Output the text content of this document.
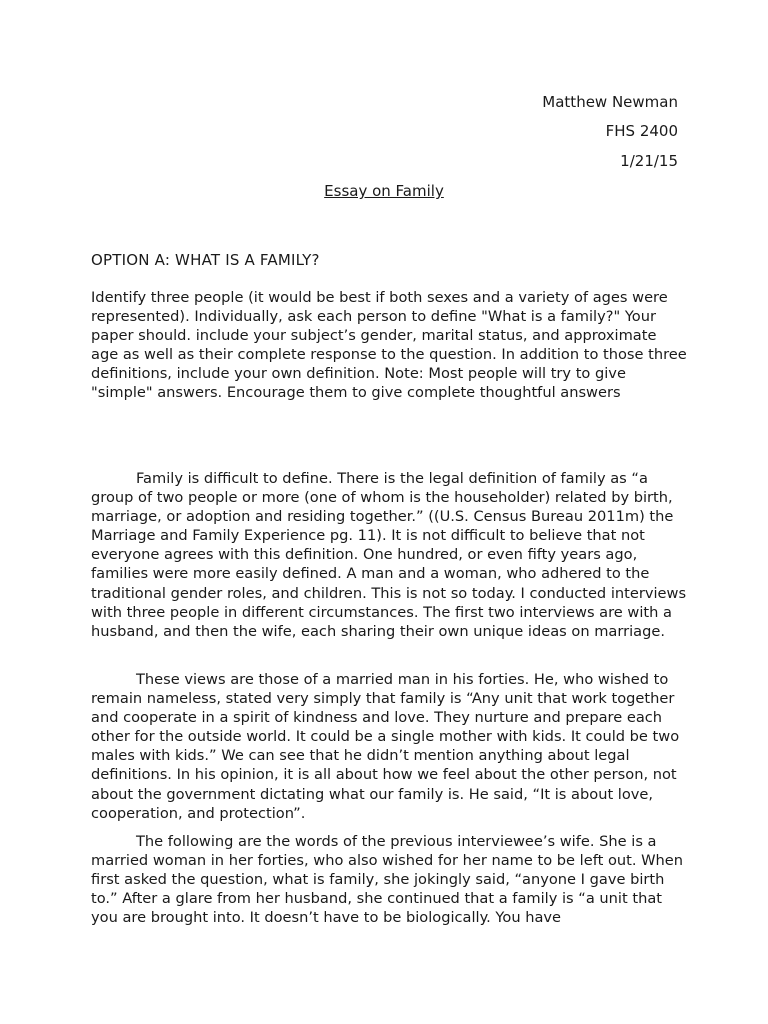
Matthew Newman
FHS 2400
1/21/15
Essay on Family
OPTION A: WHAT IS A FAMILY?

Identify three people (it would be best if both sexes and a variety of ages were represented). Individually, ask each person to define "What is a family?" Your paper should. include your subject’s gender, marital status, and approximate age as well as their complete response to the question. In addition to those three definitions, include your own definition. Note: Most people will try to give "simple" answers. Encourage them to give complete thoughtful answers

Family is difficult to define. There is the legal definition of family as “a group of two people or more (one of whom is the householder) related by birth, marriage, or adoption and residing together.” ((U.S. Census Bureau 2011m) the Marriage and Family Experience pg. 11). It is not difficult to believe that not everyone agrees with this definition. One hundred, or even fifty years ago, families were more easily defined. A man and a woman, who adhered to the traditional gender roles, and children. This is not so today. I conducted interviews with three people in different circumstances. The first two interviews are with a husband, and then the wife, each sharing their own unique ideas on marriage.

These views are those of a married man in his forties. He, who wished to remain nameless, stated very simply that family is “Any unit that work together and cooperate in a spirit of kindness and love. They nurture and prepare each other for the outside world. It could be a single mother with kids. It could be two males with kids.” We can see that he didn’t mention anything about legal definitions. In his opinion, it is all about how we feel about the other person, not about the government dictating what our family is. He said, “It is about love, cooperation, and protection”.

The following are the words of the previous interviewee’s wife. She is a married woman in her forties, who also wished for her name to be left out. When first asked the question, what is family, she jokingly said, “anyone I gave birth to.” After a glare from her husband, she continued that a family is “a unit that you are brought into. It doesn’t have to be biologically. You have
